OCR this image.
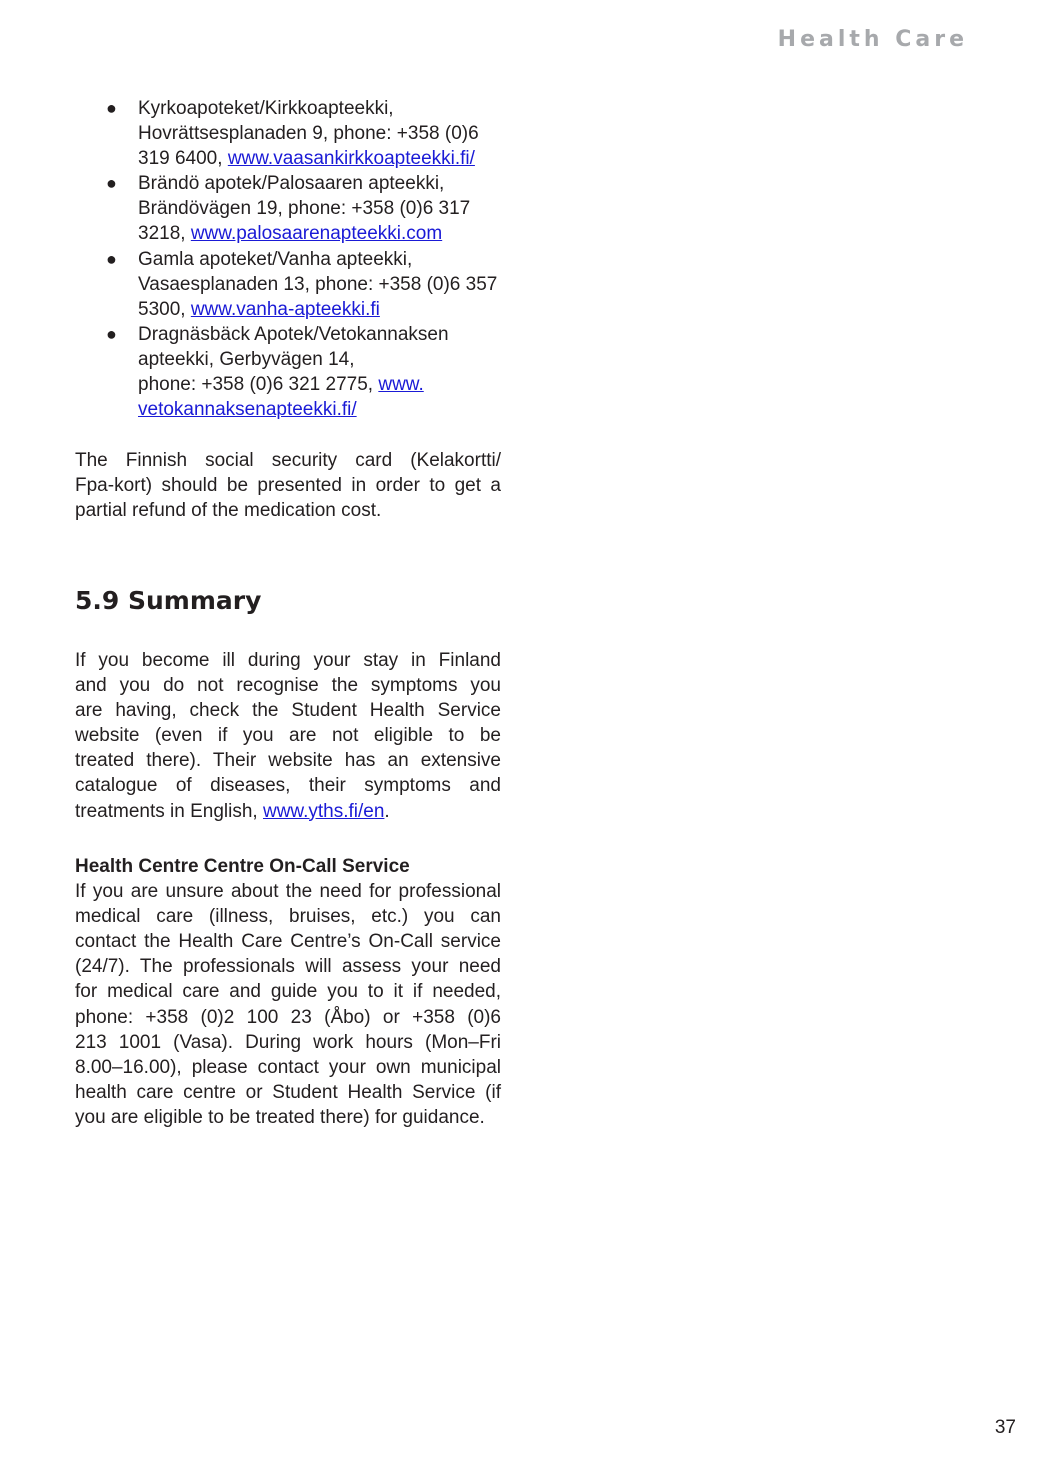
Health Care
● Kyrkoapoteket/Kirkkoapteekki,
Hovrättsesplanaden 9, phone: +358 (0)6
319 6400, www.vaasankirkkoapteekki.fi/
● Brändö apotek/Palosaaren apteekki,
Brändövägen 19, phone: +358 (0)6 317
3218, www.palosaarenapteekki.com
● Gamla apoteket/Vanha apteekki,
Vasaesplanaden 13, phone: +358 (0)6 357
5300, www.vanha-apteekki.fi
● Dragnäsbäck Apotek/Vetokannaksen
apteekki, Gerbyvägen 14,
phone: +358 (0)6 321 2775, www.
vetokannaksenapteekki.fi/
The Finnish social security card (Kelakortti/
Fpa-kort) should be presented in order to get a
partial refund of the medication cost.
5.9 Summary
If you become ill during your stay in Finland
and you do not recognise the symptoms you
are having, check the Student Health Service
website (even if you are not eligible to be
treated there). Their website has an extensive
catalogue of diseases, their symptoms and
treatments in English, www.yths.fi/en.
Health Centre Centre On-Call Service
If you are unsure about the need for professional
medical care (illness, bruises, etc.) you can
contact the Health Care Centre’s On-Call service
(24/7). The professionals will assess your need
for medical care and guide you to it if needed,
phone: +358 (0)2 100 23 (Åbo) or +358 (0)6
213 1001 (Vasa). During work hours (Mon–Fri
8.00–16.00), please contact your own municipal
health care centre or Student Health Service (if
you are eligible to be treated there) for guidance.
37
